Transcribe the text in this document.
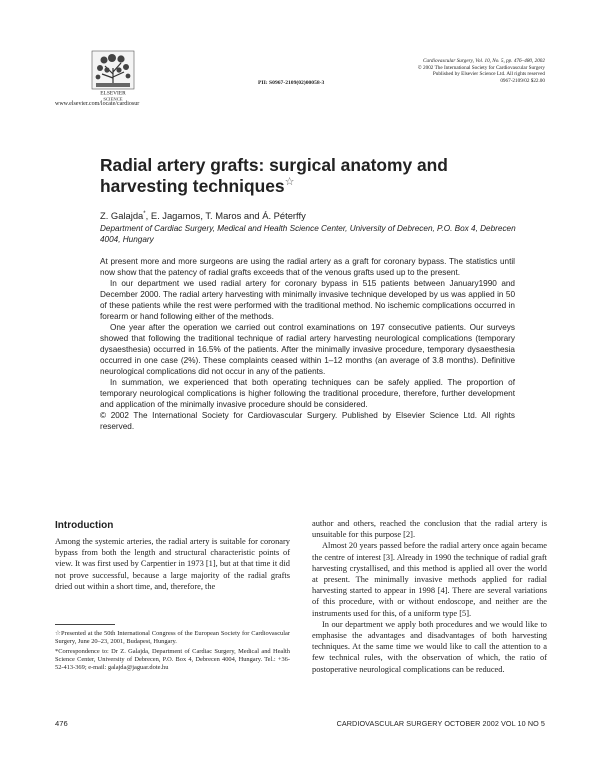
ELSEVIER
SCIENCE
Cardiovascular Surgery, Vol. 10, No. 5, pp. 476–480, 2002
© 2002 The International Society for Cardiovascular Surgery
Published by Elsevier Science Ltd. All rights reserved
0967-2109/02 $22.00
PII: S0967-2109(02)00058-3
www.elsevier.com/locate/cardiosur
Radial artery grafts: surgical anatomy and harvesting techniques☆
Z. Galajda*, E. Jagamos, T. Maros and Á. Péterffy
Department of Cardiac Surgery, Medical and Health Science Center, University of Debrecen, P.O. Box 4, Debrecen 4004, Hungary

At present more and more surgeons are using the radial artery as a graft for coronary bypass. The statistics until now show that the patency of radial grafts exceeds that of the venous grafts used up to the present.

In our department we used radial artery for coronary bypass in 515 patients between January1990 and December 2000. The radial artery harvesting with minimally invasive technique developed by us was applied in 50 of these patients while the rest were performed with the traditional method. No ischemic complications occurred in forearm or hand following either of the methods.

One year after the operation we carried out control examinations on 197 consecutive patients. Our surveys showed that following the traditional technique of radial artery harvesting neurological complications (temporary dysaesthesia) occurred in 16.5% of the patients. After the minimally invasive procedure, temporary dysaesthesia occurred in one case (2%). These complaints ceased within 1–12 months (an average of 3.8 months). Definitive neurological complications did not occur in any of the patients.

In summation, we experienced that both operating techniques can be safely applied. The proportion of temporary neurological complications is higher following the traditional procedure, therefore, further development and application of the minimally invasive procedure should be considered.

© 2002 The International Society for Cardiovascular Surgery. Published by Elsevier Science Ltd. All rights reserved.

Introduction

Among the systemic arteries, the radial artery is suitable for coronary bypass from both the length and structural characteristic points of view. It was first used by Carpentier in 1973 [1], but at that time it did not prove successful, because a large majority of the radial grafts dried out within a short time, and, therefore, the

☆Presented at the 50th International Congress of the European Society for Cardiovascular Surgery, June 20–23, 2001, Budapest, Hungary.

*Correspondence to: Dr Z. Galajda, Department of Cardiac Surgery, Medical and Health Science Center, University of Debrecen, P.O. Box 4, Debrecen 4004, Hungary. Tel.: +36-52-413-369; e-mail: galajda@jaguar.dote.hu

author and others, reached the conclusion that the radial artery is unsuitable for this purpose [2].

Almost 20 years passed before the radial artery once again became the centre of interest [3]. Already in 1990 the technique of radial graft harvesting crystallised, and this method is applied all over the world at present. The minimally invasive methods applied for radial harvesting started to appear in 1998 [4]. There are several variations of this procedure, with or without endoscope, and neither are the instruments used for this, of a uniform type [5].

In our department we apply both procedures and we would like to emphasise the advantages and disadvantages of both harvesting techniques. At the same time we would like to call the attention to a few technical rules, with the observation of which, the ratio of postoperative neurological complications can be reduced.

476	CARDIOVASCULAR SURGERY OCTOBER 2002 VOL 10 NO 5
